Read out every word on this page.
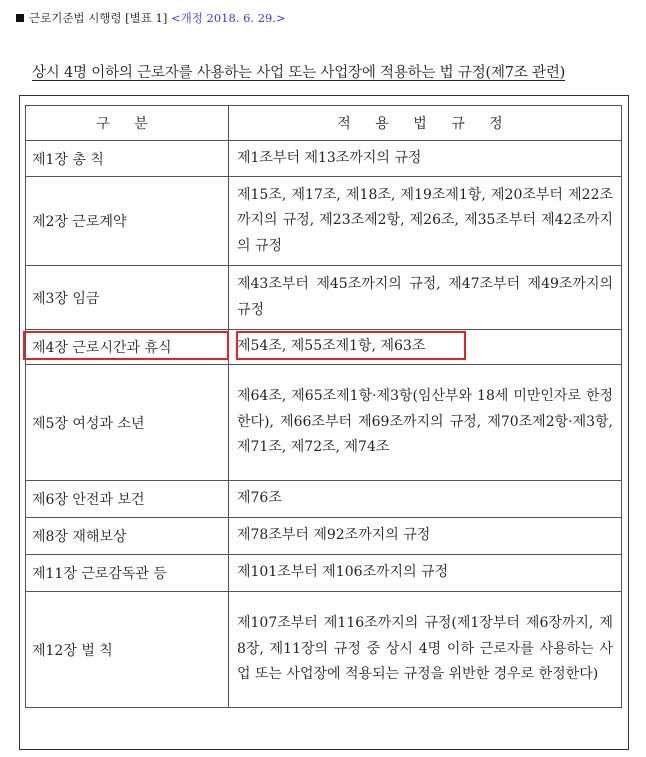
근로기준법 시행령 [별표 1] <개정 2018. 6. 29.>
상시 4명 이하의 근로자를 사용하는 사업 또는 사업장에 적용하는 법 규정(제7조 관련)
구 분	적 용 법 규 정
제1장 총 칙	제1조부터 제13조까지의 규정
제2장 근로계약	제15조, 제17조, 제18조, 제19조제1항, 제20조부터 제22조까지의 규정, 제23조제2항, 제26조, 제35조부터 제42조까지의 규정
제3장 임금	제43조부터 제45조까지의 규정, 제47조부터 제49조까지의 규정
제4장 근로시간과 휴식	제54조, 제55조제1항, 제63조
제5장 여성과 소년	제64조, 제65조제1항·제3항(임산부와 18세 미만인자로 한정한다), 제66조부터 제69조까지의 규정, 제70조제2항·제3항, 제71조, 제72조, 제74조
제6장 안전과 보건	제76조
제8장 재해보상	제78조부터 제92조까지의 규정
제11장 근로감독관 등	제101조부터 제106조까지의 규정
제12장 벌 칙	제107조부터 제116조까지의 규정(제1장부터 제6장까지, 제8장, 제11장의 규정 중 상시 4명 이하 근로자를 사용하는 사업 또는 사업장에 적용되는 규정을 위반한 경우로 한정한다)
